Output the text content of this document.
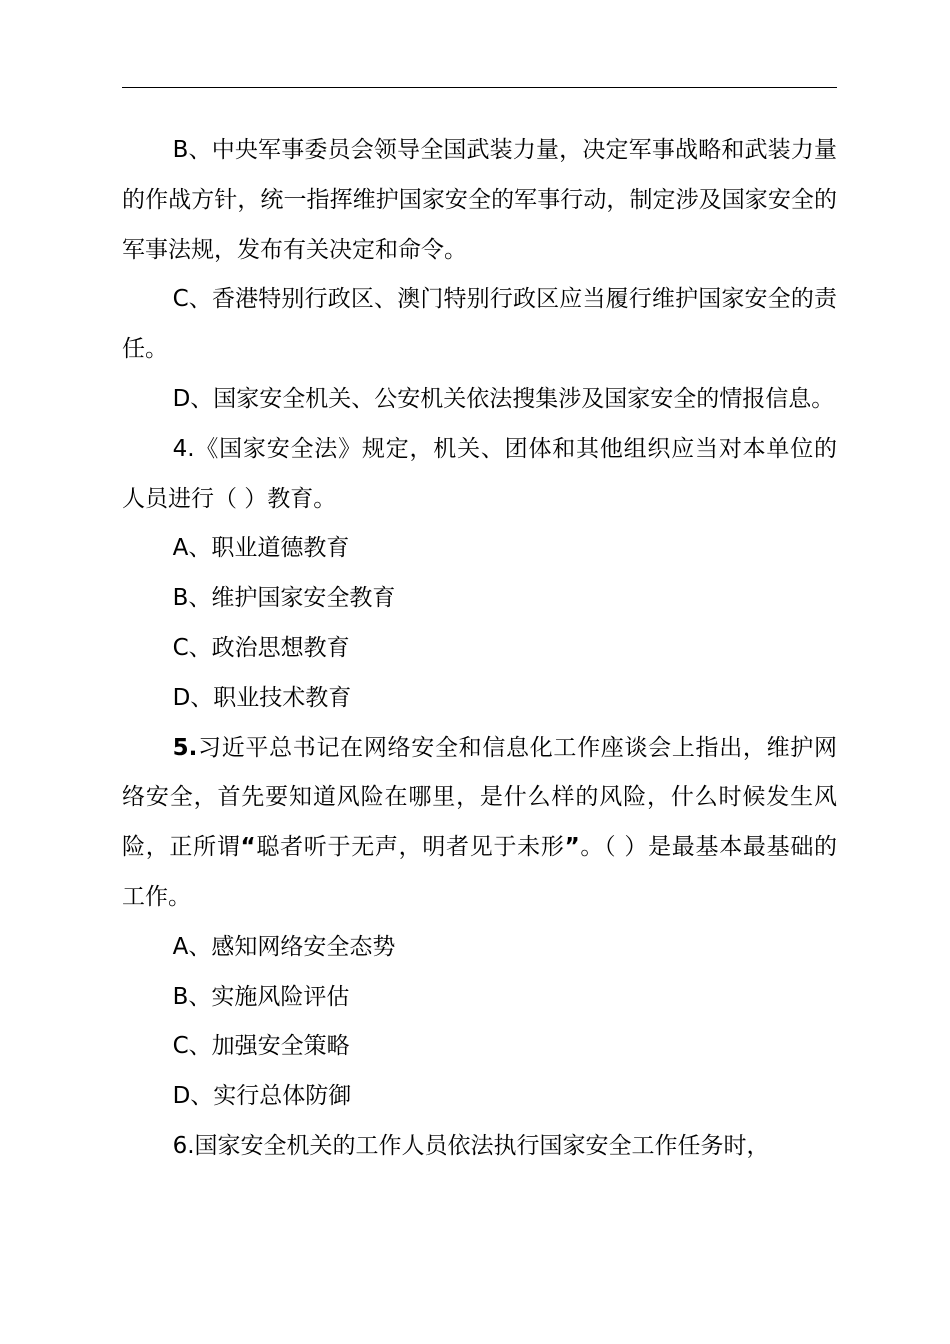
B、中央军事委员会领导全国武装力量，决定军事战略和武装力量的作战方针，统一指挥维护国家安全的军事行动，制定涉及国家安全的军事法规，发布有关决定和命令。

C、香港特别行政区、澳门特别行政区应当履行维护国家安全的责任。

D、国家安全机关、公安机关依法搜集涉及国家安全的情报信息。

4.《国家安全法》规定，机关、团体和其他组织应当对本单位的人员进行（ ）教育。

A、职业道德教育

B、维护国家安全教育

C、政治思想教育

D、职业技术教育

5.习近平总书记在网络安全和信息化工作座谈会上指出，维护网络安全，首先要知道风险在哪里，是什么样的风险，什么时候发生风险，正所谓“聪者听于无声，明者见于未形”。（ ）是最基本最基础的工作。

A、感知网络安全态势

B、实施风险评估

C、加强安全策略

D、实行总体防御

6.国家安全机关的工作人员依法执行国家安全工作任务时，
